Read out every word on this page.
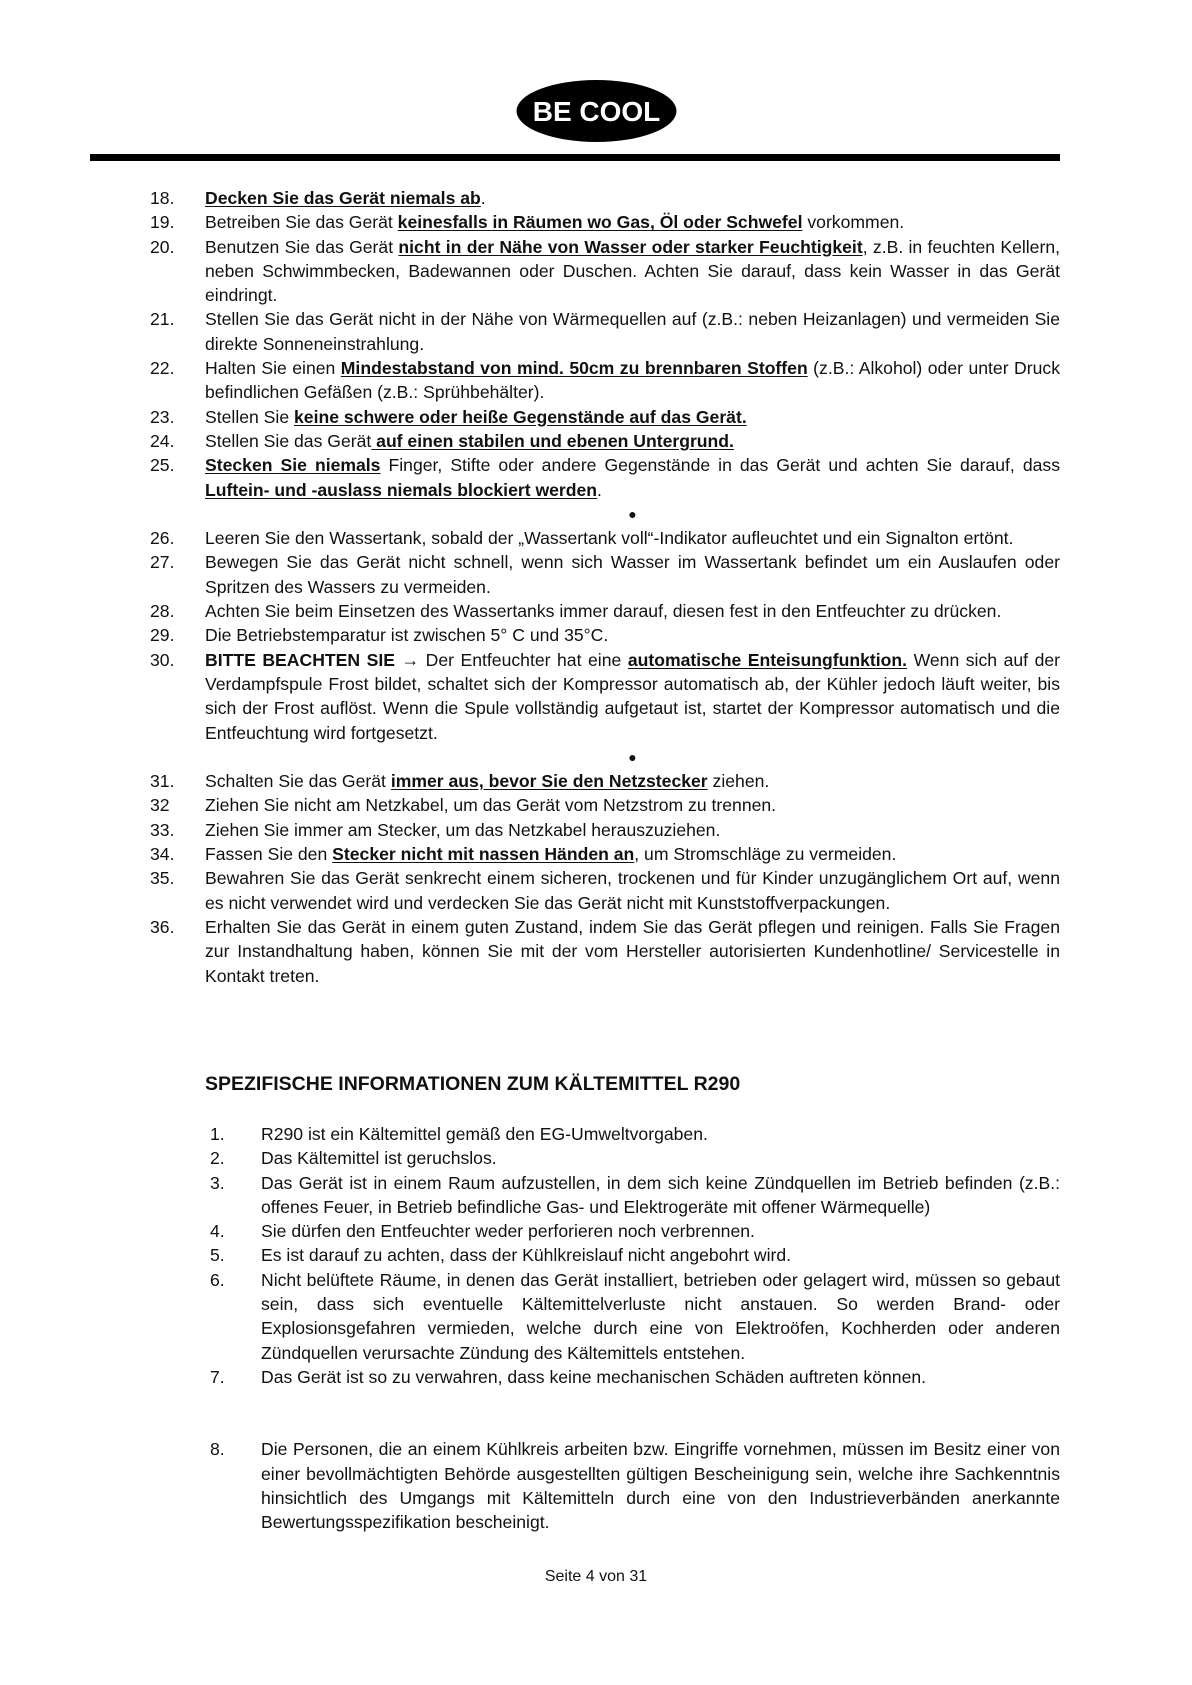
BE COOL
18.	Decken Sie das Gerät niemals ab.
19.	Betreiben Sie das Gerät keinesfalls in Räumen wo Gas, Öl oder Schwefel vorkommen.
20.	Benutzen Sie das Gerät nicht in der Nähe von Wasser oder starker Feuchtigkeit, z.B. in feuchten Kellern, neben Schwimmbecken, Badewannen oder Duschen. Achten Sie darauf, dass kein Wasser in das Gerät eindringt.
21.	Stellen Sie das Gerät nicht in der Nähe von Wärmequellen auf (z.B.: neben Heizanlagen) und vermeiden Sie direkte Sonneneinstrahlung.
22.	Halten Sie einen Mindestabstand von mind. 50cm zu brennbaren Stoffen (z.B.: Alkohol) oder unter Druck befindlichen Gefäßen (z.B.: Sprühbehälter).
23.	Stellen Sie keine schwere oder heiße Gegenstände auf das Gerät.
24.	Stellen Sie das Gerät auf einen stabilen und ebenen Untergrund.
25.	Stecken Sie niemals Finger, Stifte oder andere Gegenstände in das Gerät und achten Sie darauf, dass Luftein- und -auslass niemals blockiert werden.
●
26.	Leeren Sie den Wassertank, sobald der „Wassertank voll“-Indikator aufleuchtet und ein Signalton ertönt.
27.	Bewegen Sie das Gerät nicht schnell, wenn sich Wasser im Wassertank befindet um ein Auslaufen oder Spritzen des Wassers zu vermeiden.
28.	Achten Sie beim Einsetzen des Wassertanks immer darauf, diesen fest in den Entfeuchter zu drücken.
29.	Die Betriebstemparatur ist zwischen 5° C und 35°C.
30.	BITTE BEACHTEN SIE → Der Entfeuchter hat eine automatische Enteisungfunktion. Wenn sich auf der Verdampfspule Frost bildet, schaltet sich der Kompressor automatisch ab, der Kühler jedoch läuft weiter, bis sich der Frost auflöst. Wenn die Spule vollständig aufgetaut ist, startet der Kompressor automatisch und die Entfeuchtung wird fortgesetzt.
●
31.	Schalten Sie das Gerät immer aus, bevor Sie den Netzstecker ziehen.
32	Ziehen Sie nicht am Netzkabel, um das Gerät vom Netzstrom zu trennen.
33.	Ziehen Sie immer am Stecker, um das Netzkabel herauszuziehen.
34.	Fassen Sie den Stecker nicht mit nassen Händen an, um Stromschläge zu vermeiden.
35.	Bewahren Sie das Gerät senkrecht einem sicheren, trockenen und für Kinder unzugänglichem Ort auf, wenn es nicht verwendet wird und verdecken Sie das Gerät nicht mit Kunststoffverpackungen.
36.	Erhalten Sie das Gerät in einem guten Zustand, indem Sie das Gerät pflegen und reinigen. Falls Sie Fragen zur Instandhaltung haben, können Sie mit der vom Hersteller autorisierten Kundenhotline/ Servicestelle in Kontakt treten.
SPEZIFISCHE INFORMATIONEN ZUM KÄLTEMITTEL R290
1.	R290 ist ein Kältemittel gemäß den EG-Umweltvorgaben.
2.	Das Kältemittel ist geruchslos.
3.	Das Gerät ist in einem Raum aufzustellen, in dem sich keine Zündquellen im Betrieb befinden (z.B.: offenes Feuer, in Betrieb befindliche Gas- und Elektrogeräte mit offener Wärmequelle)
4.	Sie dürfen den Entfeuchter weder perforieren noch verbrennen.
5.	Es ist darauf zu achten, dass der Kühlkreislauf nicht angebohrt wird.
6.	Nicht belüftete Räume, in denen das Gerät installiert, betrieben oder gelagert wird, müssen so gebaut sein, dass sich eventuelle Kältemittelverluste nicht anstauen. So werden Brand- oder Explosionsgefahren vermieden, welche durch eine von Elektroöfen, Kochherden oder anderen Zündquellen verursachte Zündung des Kältemittels entstehen.
7.	Das Gerät ist so zu verwahren, dass keine mechanischen Schäden auftreten können.
8.	Die Personen, die an einem Kühlkreis arbeiten bzw. Eingriffe vornehmen, müssen im Besitz einer von einer bevollmächtigten Behörde ausgestellten gültigen Bescheinigung sein, welche ihre Sachkenntnis hinsichtlich des Umgangs mit Kältemitteln durch eine von den Industrieverbänden anerkannte Bewertungsspezifikation bescheinigt.
Seite 4 von 31
